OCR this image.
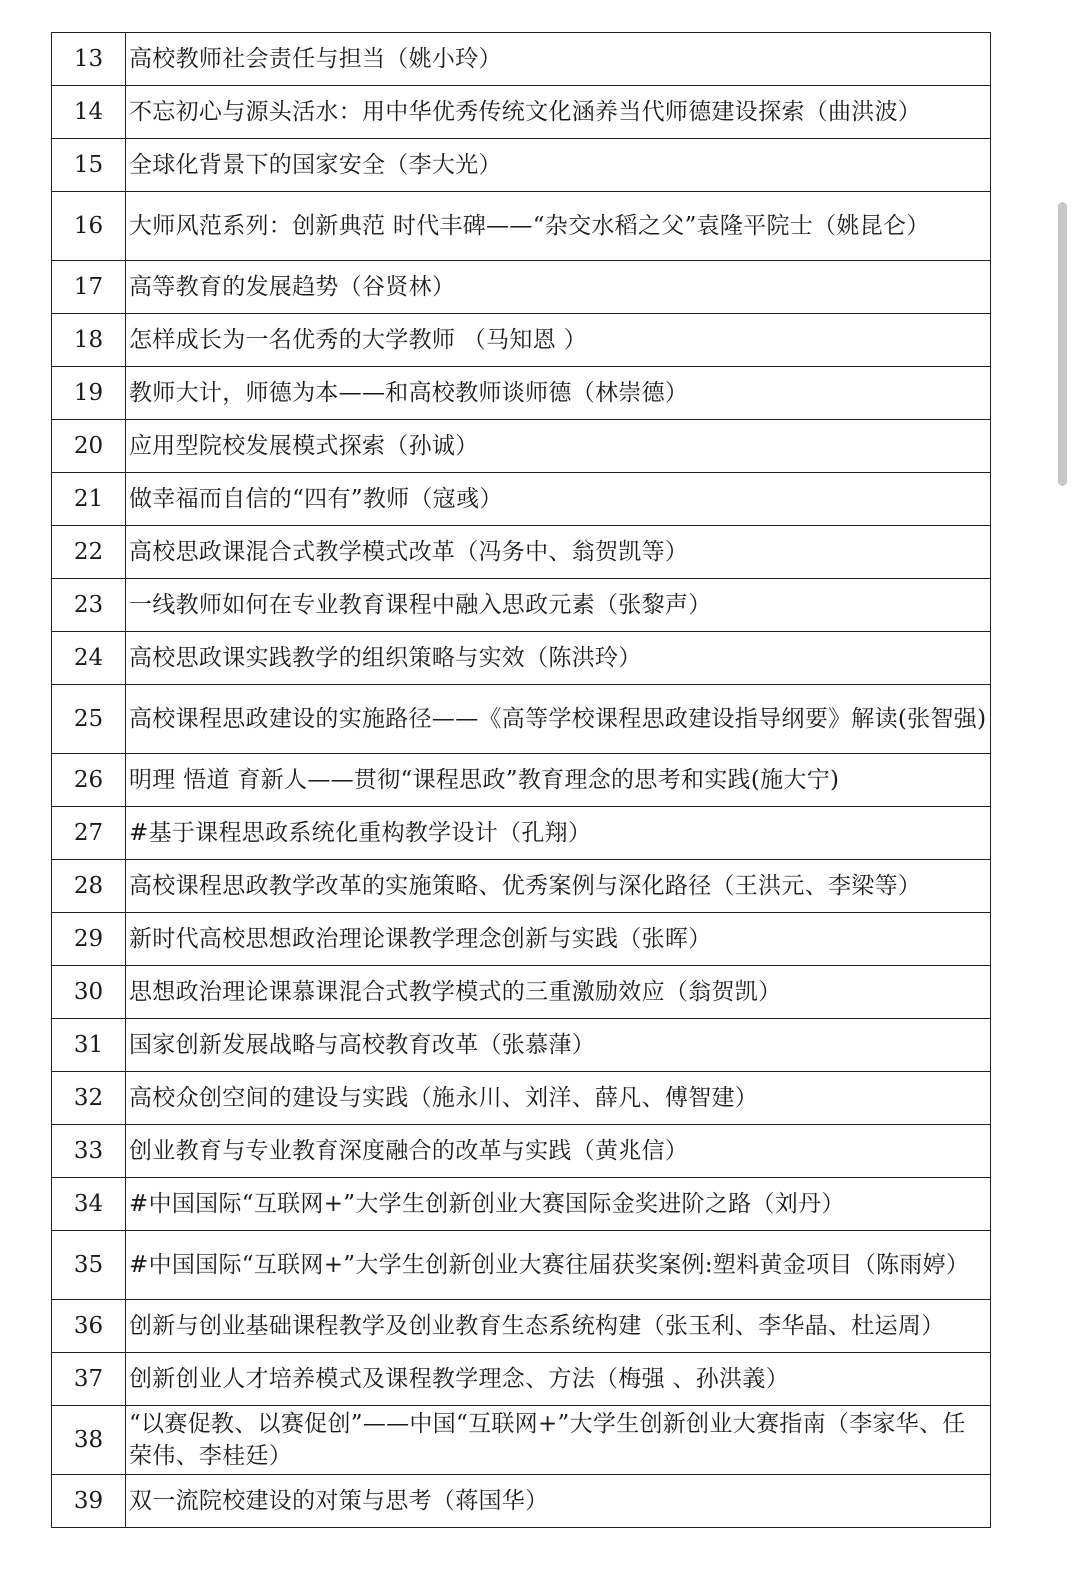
13	高校教师社会责任与担当（姚小玲）
14	不忘初心与源头活水：用中华优秀传统文化涵养当代师德建设探索（曲洪波）
15	全球化背景下的国家安全（李大光）
16	大师风范系列：创新典范 时代丰碑——“杂交水稻之父”袁隆平院士（姚昆仑）
17	高等教育的发展趋势（谷贤林）
18	怎样成长为一名优秀的大学教师 （马知恩 ）
19	教师大计，师德为本——和高校教师谈师德（林崇德）
20	应用型院校发展模式探索（孙诚）
21	做幸福而自信的“四有”教师（寇彧）
22	高校思政课混合式教学模式改革（冯务中、翁贺凯等）
23	一线教师如何在专业教育课程中融入思政元素（张黎声）
24	高校思政课实践教学的组织策略与实效（陈洪玲）
25	高校课程思政建设的实施路径——《高等学校课程思政建设指导纲要》解读(张智强)
26	明理 悟道 育新人——贯彻“课程思政”教育理念的思考和实践(施大宁)
27	#基于课程思政系统化重构教学设计（孔翔）
28	高校课程思政教学改革的实施策略、优秀案例与深化路径（王洪元、李梁等）
29	新时代高校思想政治理论课教学理念创新与实践（张晖）
30	思想政治理论课慕课混合式教学模式的三重激励效应（翁贺凯）
31	国家创新发展战略与高校教育改革（张慕葏）
32	高校众创空间的建设与实践（施永川、刘洋、薛凡、傅智建）
33	创业教育与专业教育深度融合的改革与实践（黄兆信）
34	#中国国际“互联网+”大学生创新创业大赛国际金奖进阶之路（刘丹）
35	#中国国际“互联网+”大学生创新创业大赛往届获奖案例:塑料黄金项目（陈雨婷）
36	创新与创业基础课程教学及创业教育生态系统构建（张玉利、李华晶、杜运周）
37	创新创业人才培养模式及课程教学理念、方法（梅强 、孙洪義）
38	“以赛促教、以赛促创”——中国“互联网+”大学生创新创业大赛指南（李家华、任荣伟、李桂廷）
39	双一流院校建设的对策与思考（蒋国华）
